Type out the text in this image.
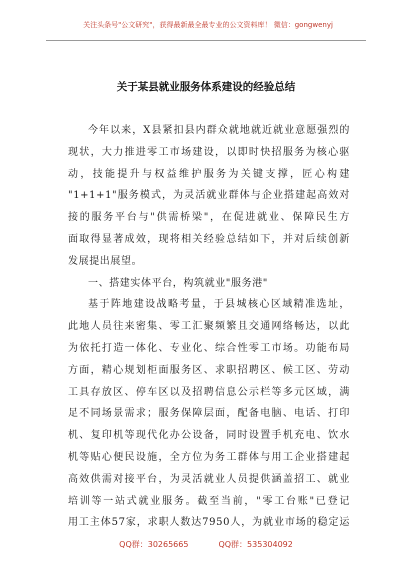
关注头条号"公文研究"，获得最新最全最专业的公文资料库！ 微信：gongwenyj
关于某县就业服务体系建设的经验总结
今年以来，X县紧扣县内群众就地就近就业意愿强烈的
现状，大力推进零工市场建设，以即时快招服务为核心驱
动，技能提升与权益维护服务为关键支撑，匠心构建
"1+1+1"服务模式，为灵活就业群体与企业搭建起高效对
接的服务平台与"供需桥梁"，在促进就业、保障民生方
面取得显著成效，现将相关经验总结如下，并对后续创新
发展提出展望。
一、搭建实体平台，构筑就业"服务港"
基于阵地建设战略考量，于县城核心区域精准选址，
此地人员往来密集、零工汇聚频繁且交通网络畅达，以此
为依托打造一体化、专业化、综合性零工市场。功能布局
方面，精心规划柜面服务区、求职招聘区、候工区、劳动
工具存放区、停车区以及招聘信息公示栏等多元区域，满
足不同场景需求；服务保障层面，配备电脑、电话、打印
机、复印机等现代化办公设备，同时设置手机充电、饮水
机等贴心便民设施，全方位为务工群体与用工企业搭建起
高效供需对接平台，为灵活就业人员提供涵盖招工、就业
培训等一站式就业服务。截至当前，"零工台账"已登记
用工主体57家，求职人数达7950人，为就业市场的稳定运
QQ群：30265665	QQ群：535304092
